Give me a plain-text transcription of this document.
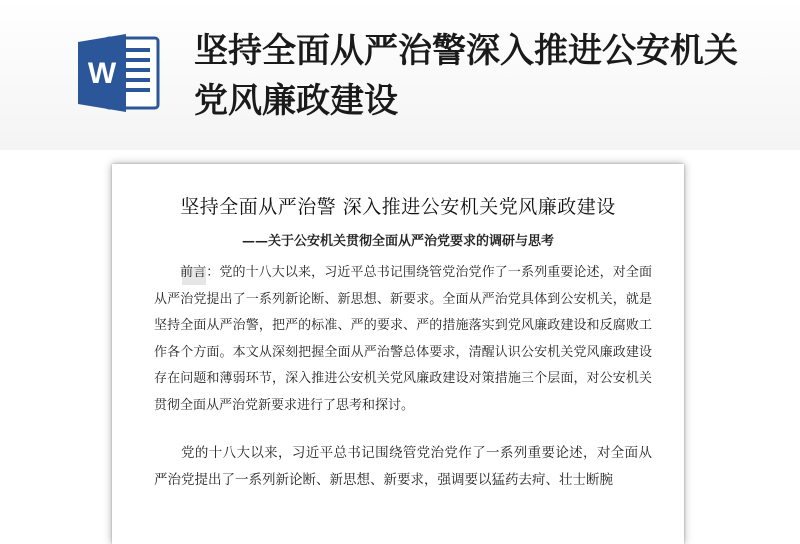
W
坚持全面从严治警深入推进公安机关党风廉政建设
坚持全面从严治警 深入推进公安机关党风廉政建设
——关于公安机关贯彻全面从严治党要求的调研与思考

前言：党的十八大以来，习近平总书记围绕管党治党作了一系列重要论述，对全面从严治党提出了一系列新论断、新思想、新要求。全面从严治党具体到公安机关，就是坚持全面从严治警，把严的标准、严的要求、严的措施落实到党风廉政建设和反腐败工作各个方面。本文从深刻把握全面从严治警总体要求，清醒认识公安机关党风廉政建设存在问题和薄弱环节，深入推进公安机关党风廉政建设对策措施三个层面，对公安机关贯彻全面从严治党新要求进行了思考和探讨。

党的十八大以来，习近平总书记围绕管党治党作了一系列重要论述，对全面从严治党提出了一系列新论断、新思想、新要求，强调要以猛药去疴、壮士断腕
